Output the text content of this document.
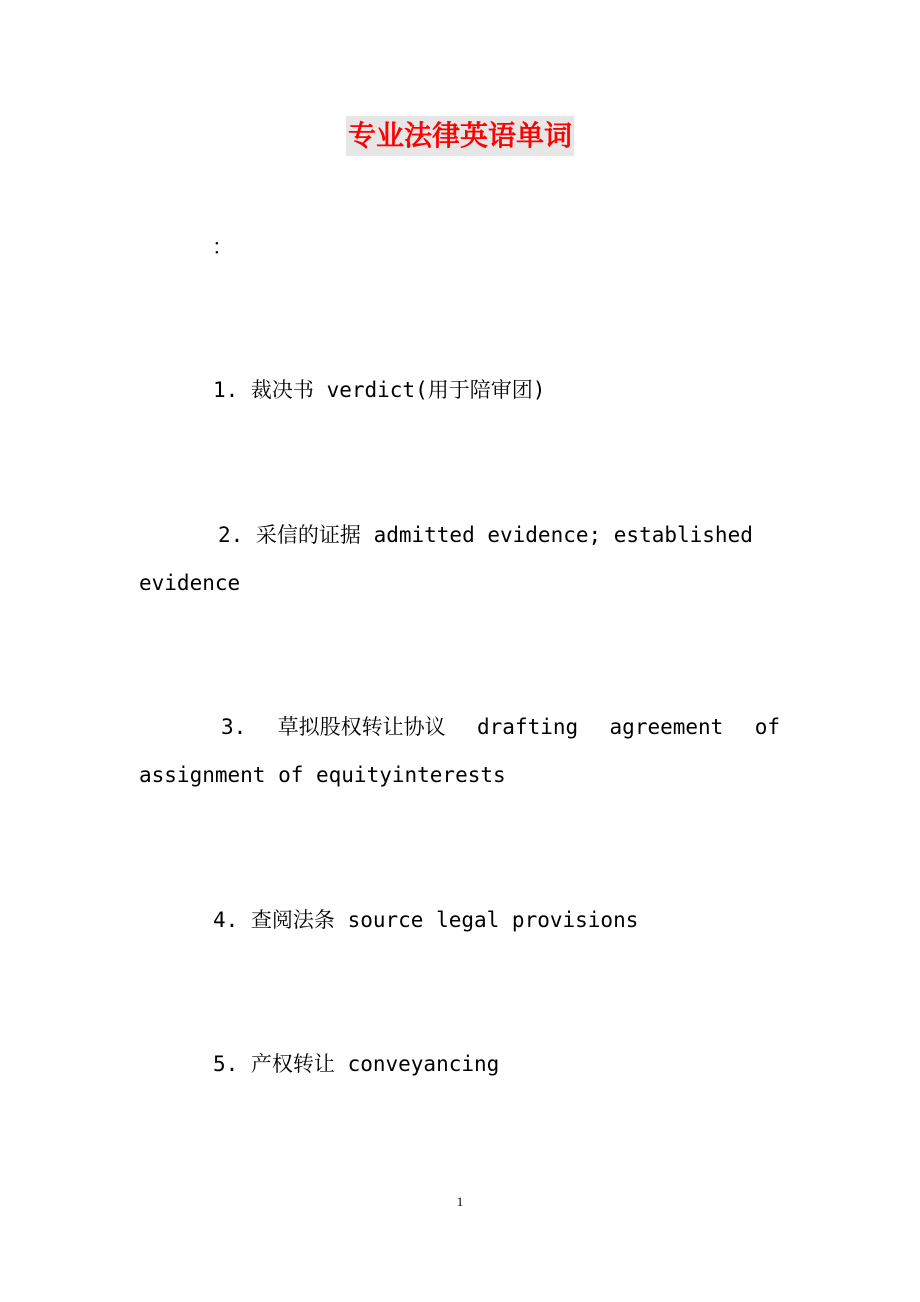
专业法律英语单词
：
1. 裁决书 verdict(用于陪审团)
2. 采信的证据 admitted evidence; established
evidence
3. 草拟股权转让协议 drafting agreement of
assignment of equityinterests
4. 查阅法条 source legal provisions
5. 产权转让 conveyancing
1
